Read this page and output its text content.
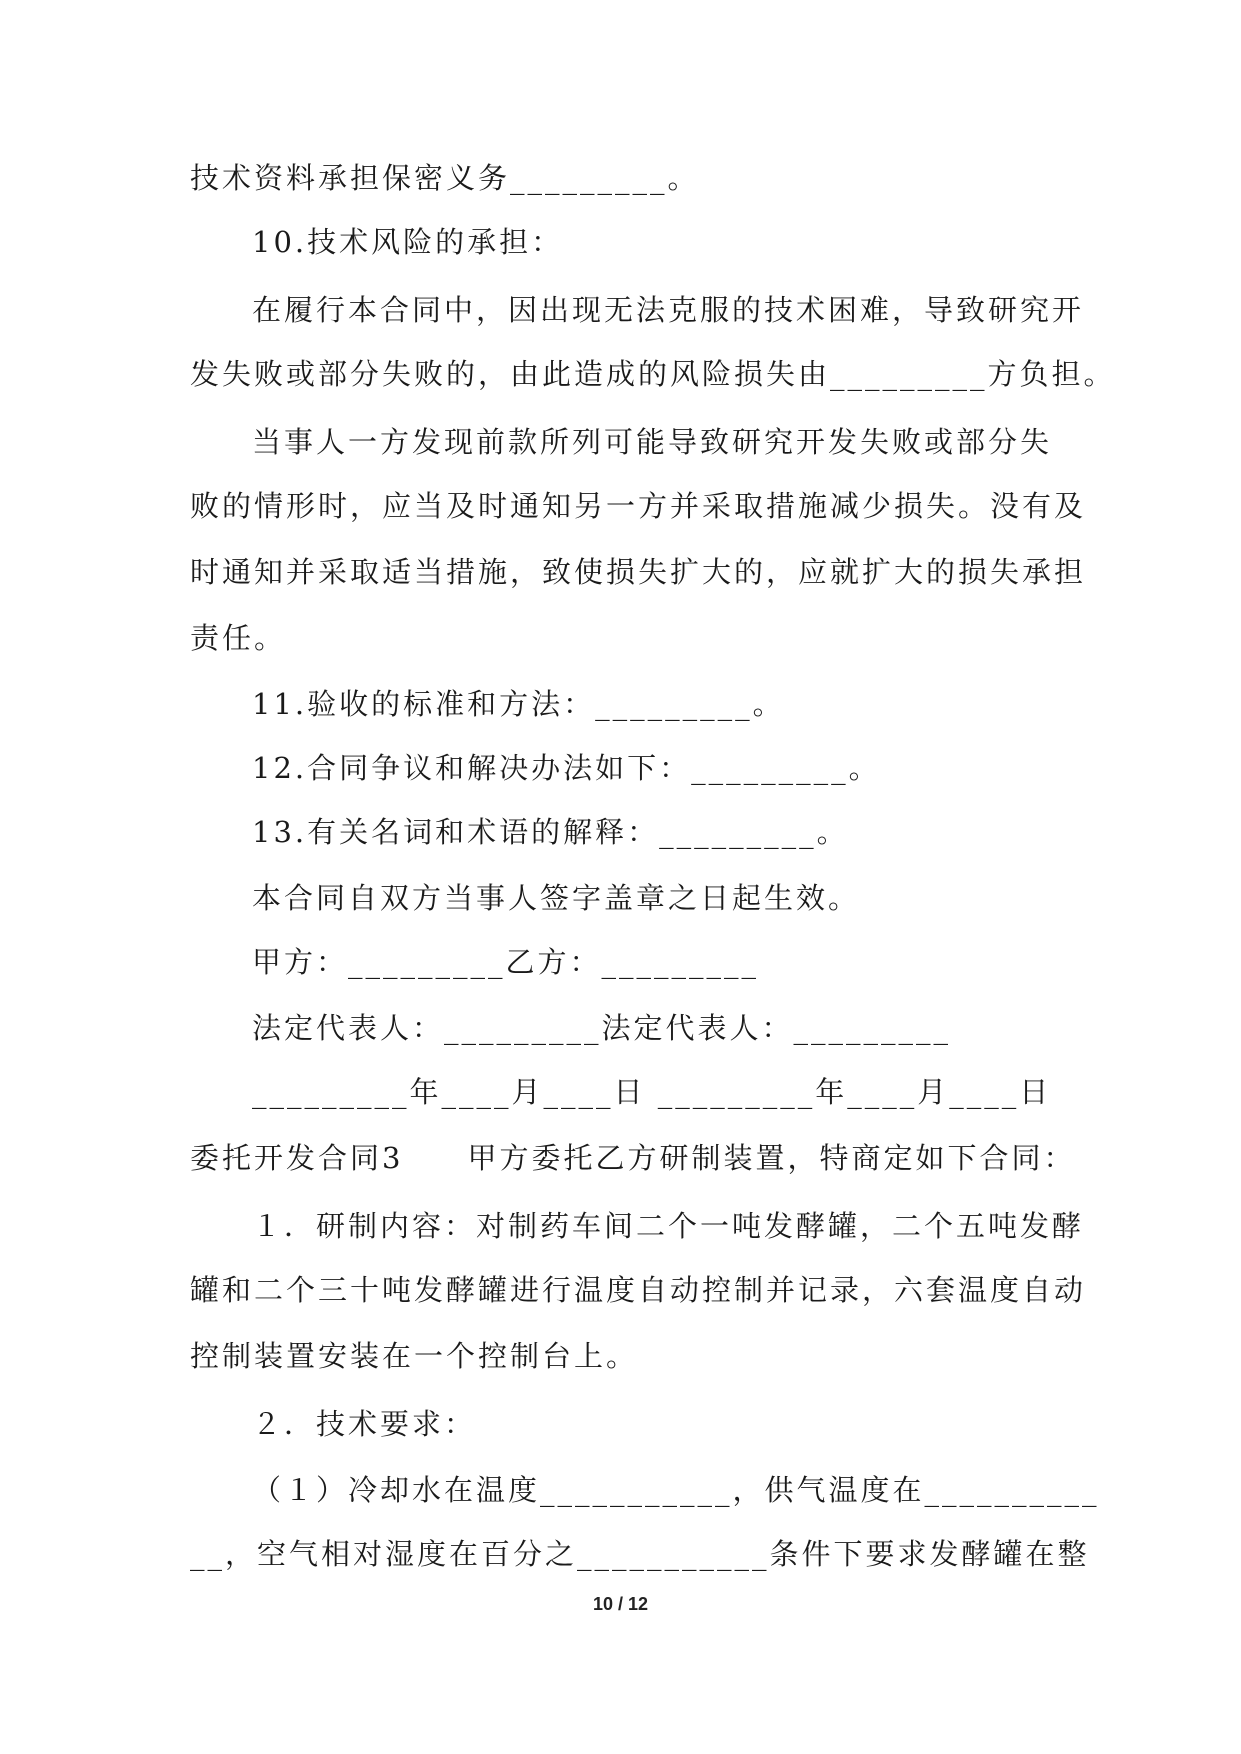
技术资料承担保密义务_________。
10.技术风险的承担：
在履行本合同中，因出现无法克服的技术困难，导致研究开
发失败或部分失败的，由此造成的风险损失由_________方负担。
当事人一方发现前款所列可能导致研究开发失败或部分失
败的情形时，应当及时通知另一方并采取措施减少损失。没有及
时通知并采取适当措施，致使损失扩大的，应就扩大的损失承担
责任。
11.验收的标准和方法：_________。
12.合同争议和解决办法如下：_________。
13.有关名词和术语的解释：_________。
本合同自双方当事人签字盖章之日起生效。
甲方：_________乙方：_________
法定代表人：_________法定代表人：_________
_________年____月____日 _________年____月____日
委托开发合同3　　甲方委托乙方研制装置，特商定如下合同：
１．研制内容：对制药车间二个一吨发酵罐，二个五吨发酵
罐和二个三十吨发酵罐进行温度自动控制并记录，六套温度自动
控制装置安装在一个控制台上。
２．技术要求：
（１）冷却水在温度___________，供气温度在__________
__，空气相对湿度在百分之___________条件下要求发酵罐在整
10 / 12
